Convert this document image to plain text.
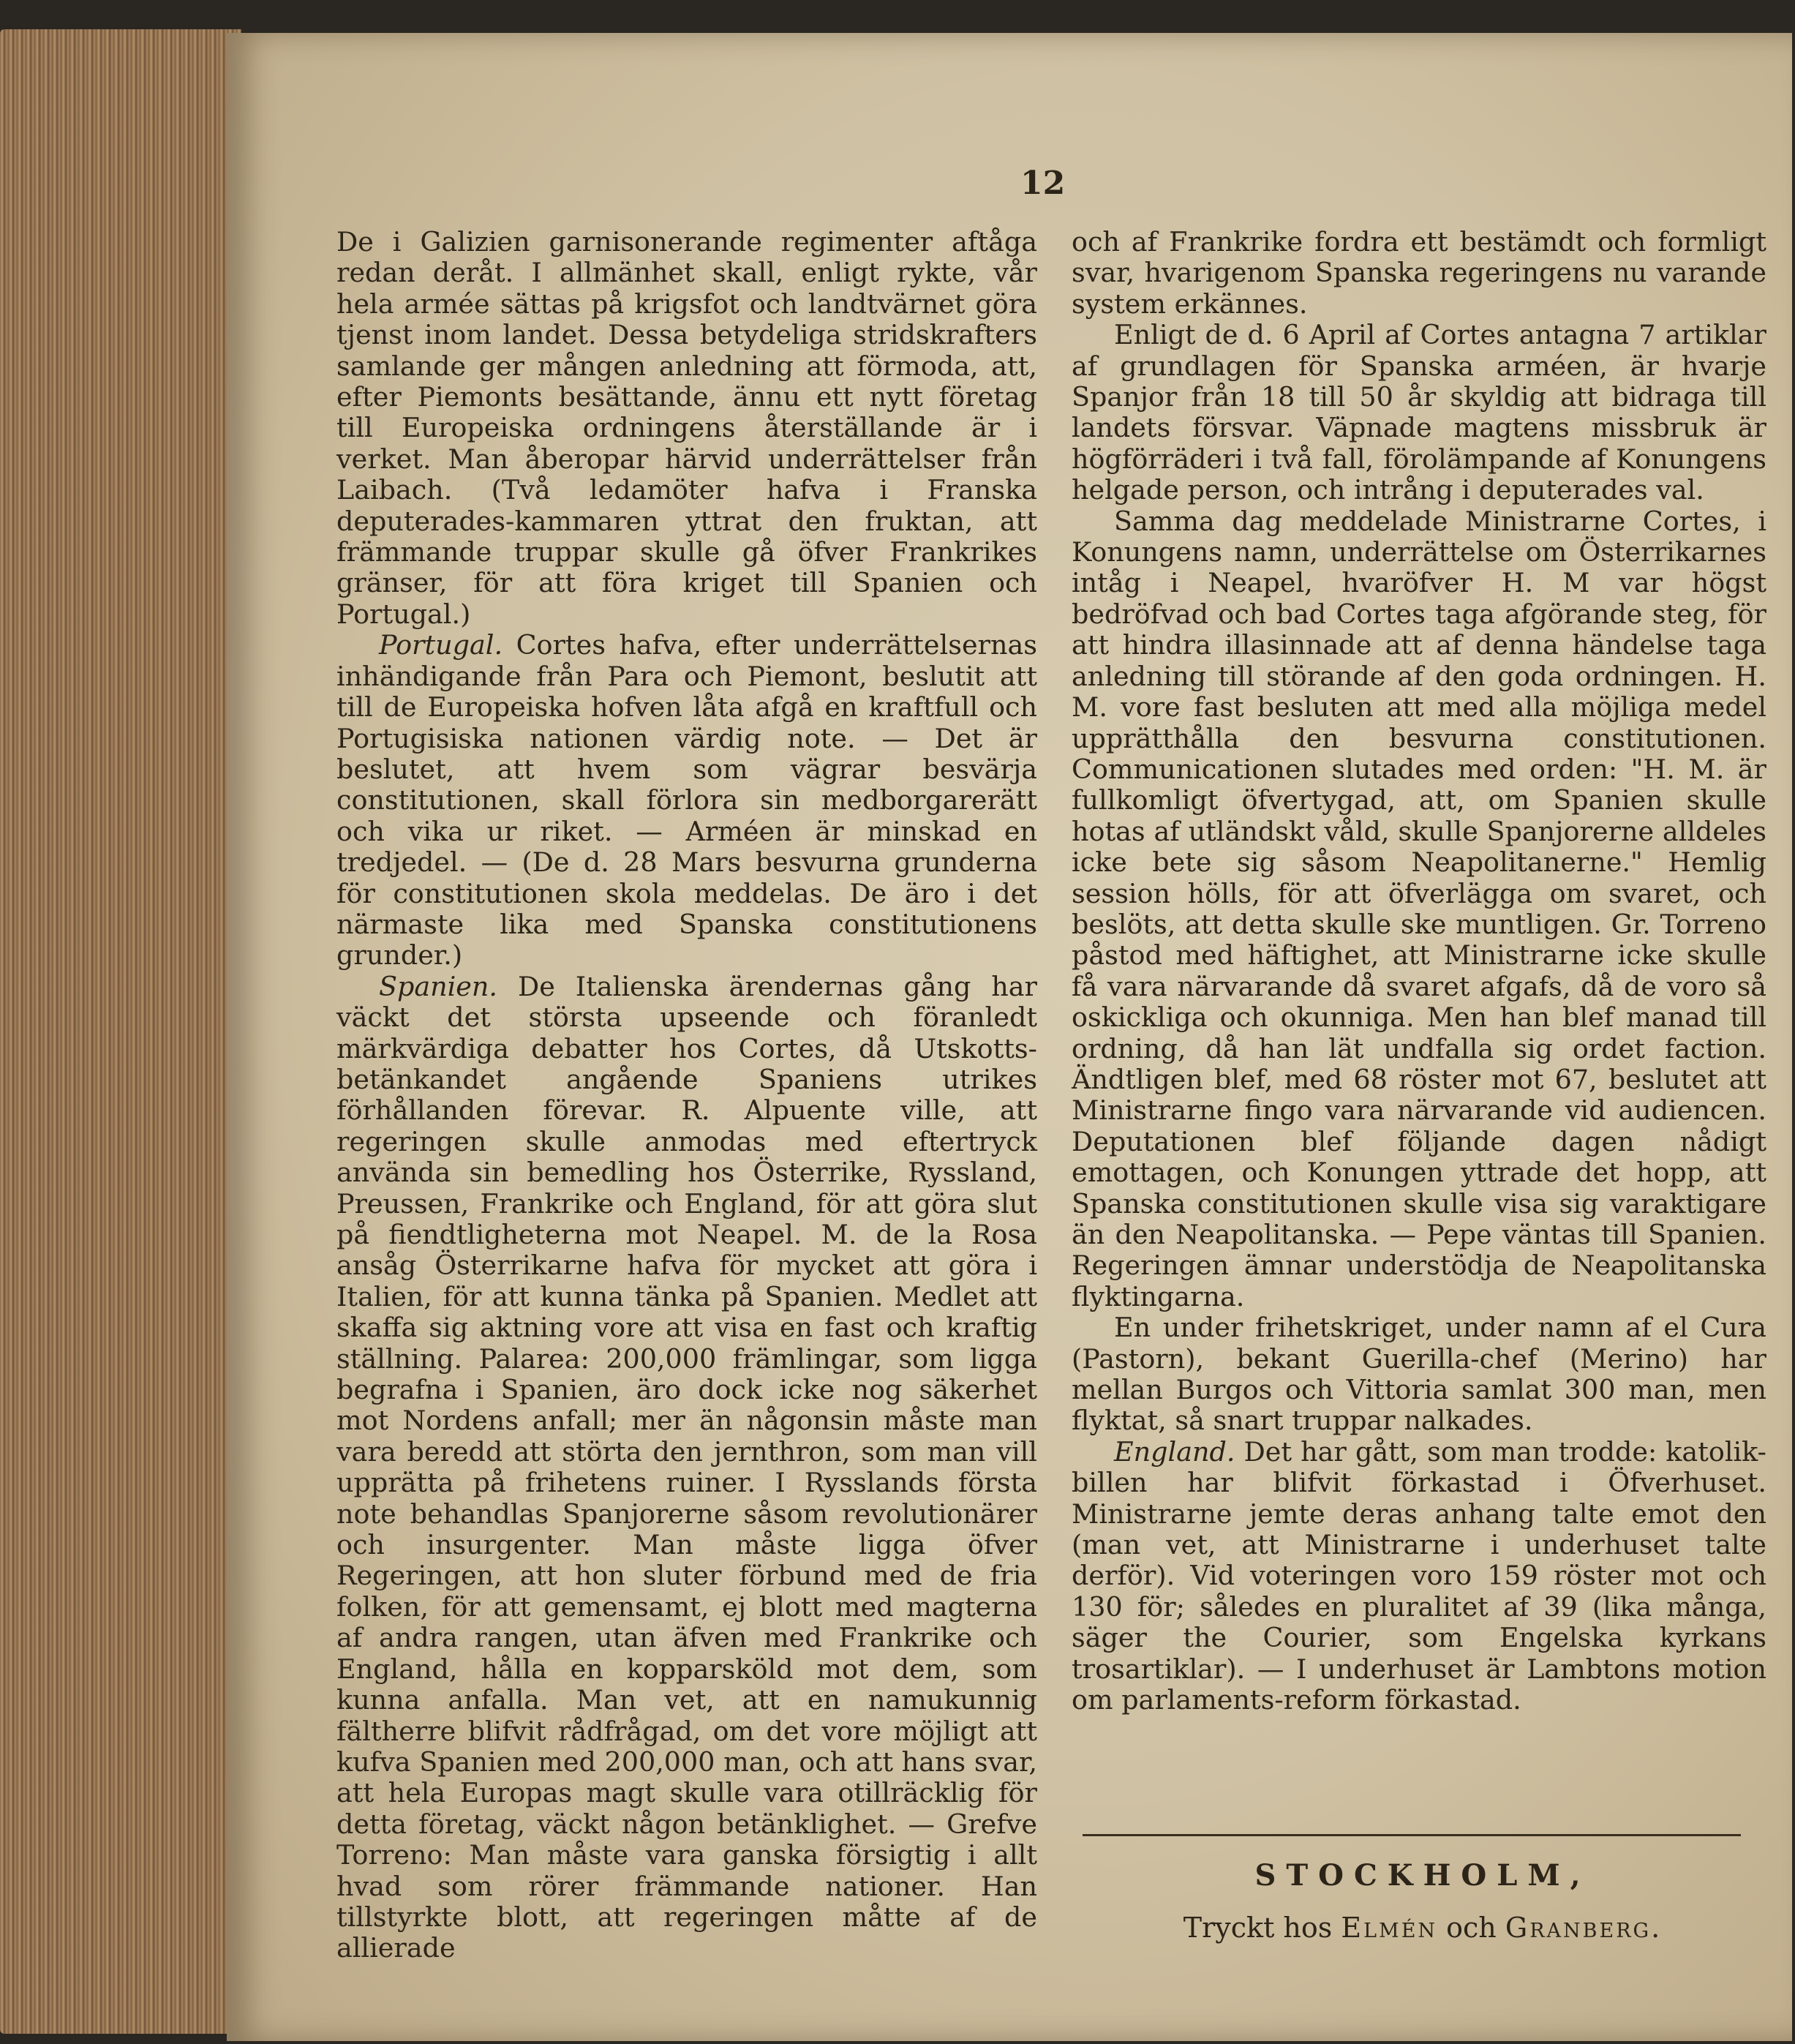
12

De i Galizien garnisonerande regimenter aftåga redan deråt. I allmänhet skall, enligt rykte, vår hela armée sättas på krigsfot och landtvärnet göra tjenst inom landet. Dessa betydeliga stridskrafters samlande ger mången anledning att förmoda, att, efter Piemonts besättande, ännu ett nytt företag till Europeiska ordningens återställande är i verket. Man åberopar härvid underrättelser från Laibach. (Två ledamöter hafva i Franska deputerades-kammaren yttrat den fruktan, att främmande truppar skulle gå öfver Frankrikes gränser, för att föra kriget till Spanien och Portugal.)

Portugal. Cortes hafva, efter underrättelsernas inhändigande från Para och Piemont, beslutit att till de Europeiska hofven låta afgå en kraftfull och Portugisiska nationen värdig note. — Det är beslutet, att hvem som vägrar besvärja constitutionen, skall förlora sin medborgarerätt och vika ur riket. — Arméen är minskad en tredjedel. — (De d. 28 Mars besvurna grunderna för constitutionen skola meddelas. De äro i det närmaste lika med Spanska constitutionens grunder.)

Spanien. De Italienska ärendernas gång har väckt det största upseende och föranledt märkvärdiga debatter hos Cortes, då Utskotts-betänkandet angående Spaniens utrikes förhållanden förevar. R. Alpuente ville, att regeringen skulle anmodas med eftertryck använda sin bemedling hos Österrike, Ryssland, Preussen, Frankrike och England, för att göra slut på fiendtligheterna mot Neapel. M. de la Rosa ansåg Österrikarne hafva för mycket att göra i Italien, för att kunna tänka på Spanien. Medlet att skaffa sig aktning vore att visa en fast och kraftig ställning. Palarea: 200,000 främlingar, som ligga begrafna i Spanien, äro dock icke nog säkerhet mot Nordens anfall; mer än någonsin måste man vara beredd att störta den jernthron, som man vill upprätta på frihetens ruiner. I Rysslands första note behandlas Spanjorerne såsom revolutionärer och insurgenter. Man måste ligga öfver Regeringen, att hon sluter förbund med de fria folken, för att gemensamt, ej blott med magterna af andra rangen, utan äfven med Frankrike och England, hålla en kopparsköld mot dem, som kunna anfalla. Man vet, att en namukunnig fältherre blifvit rådfrågad, om det vore möjligt att kufva Spanien med 200,000 man, och att hans svar, att hela Europas magt skulle vara otillräcklig för detta företag, väckt någon betänklighet. — Grefve Torreno: Man måste vara ganska försigtig i allt hvad som rörer främmande nationer. Han tillstyrkte blott, att regeringen måtte af de allierade

och af Frankrike fordra ett bestämdt och formligt svar, hvarigenom Spanska regeringens nu varande system erkännes.

Enligt de d. 6 April af Cortes antagna 7 artiklar af grundlagen för Spanska arméen, är hvarje Spanjor från 18 till 50 år skyldig att bidraga till landets försvar. Väpnade magtens missbruk är högförräderi i två fall, förolämpande af Konungens helgade person, och intrång i deputerades val.

Samma dag meddelade Ministrarne Cortes, i Konungens namn, underrättelse om Österrikarnes intåg i Neapel, hvaröfver H. M var högst bedröfvad och bad Cortes taga afgörande steg, för att hindra illasinnade att af denna händelse taga anledning till störande af den goda ordningen. H. M. vore fast besluten att med alla möjliga medel upprätthålla den besvurna constitutionen. Communicationen slutades med orden: "H. M. är fullkomligt öfvertygad, att, om Spanien skulle hotas af utländskt våld, skulle Spanjorerne alldeles icke bete sig såsom Neapolitanerne." Hemlig session hölls, för att öfverlägga om svaret, och beslöts, att detta skulle ske muntligen. Gr. Torreno påstod med häftighet, att Ministrarne icke skulle få vara närvarande då svaret afgafs, då de voro så oskickliga och okunniga. Men han blef manad till ordning, då han lät undfalla sig ordet faction. Ändtligen blef, med 68 röster mot 67, beslutet att Ministrarne fingo vara närvarande vid audiencen. Deputationen blef följande dagen nådigt emottagen, och Konungen yttrade det hopp, att Spanska constitutionen skulle visa sig varaktigare än den Neapolitanska. — Pepe väntas till Spanien. Regeringen ämnar understödja de Neapolitanska flyktingarna.

En under frihetskriget, under namn af el Cura (Pastorn), bekant Guerilla-chef (Merino) har mellan Burgos och Vittoria samlat 300 man, men flyktat, så snart truppar nalkades.

England. Det har gått, som man trodde: katolik-billen har blifvit förkastad i Öfverhuset. Ministrarne jemte deras anhang talte emot den (man vet, att Ministrarne i underhuset talte derför). Vid voteringen voro 159 röster mot och 130 för; således en pluralitet af 39 (lika många, säger the Courier, som Engelska kyrkans trosartiklar). — I underhuset är Lambtons motion om parlaments-reform förkastad.

STOCKHOLM,
Tryckt hos Elmén och Granberg.
